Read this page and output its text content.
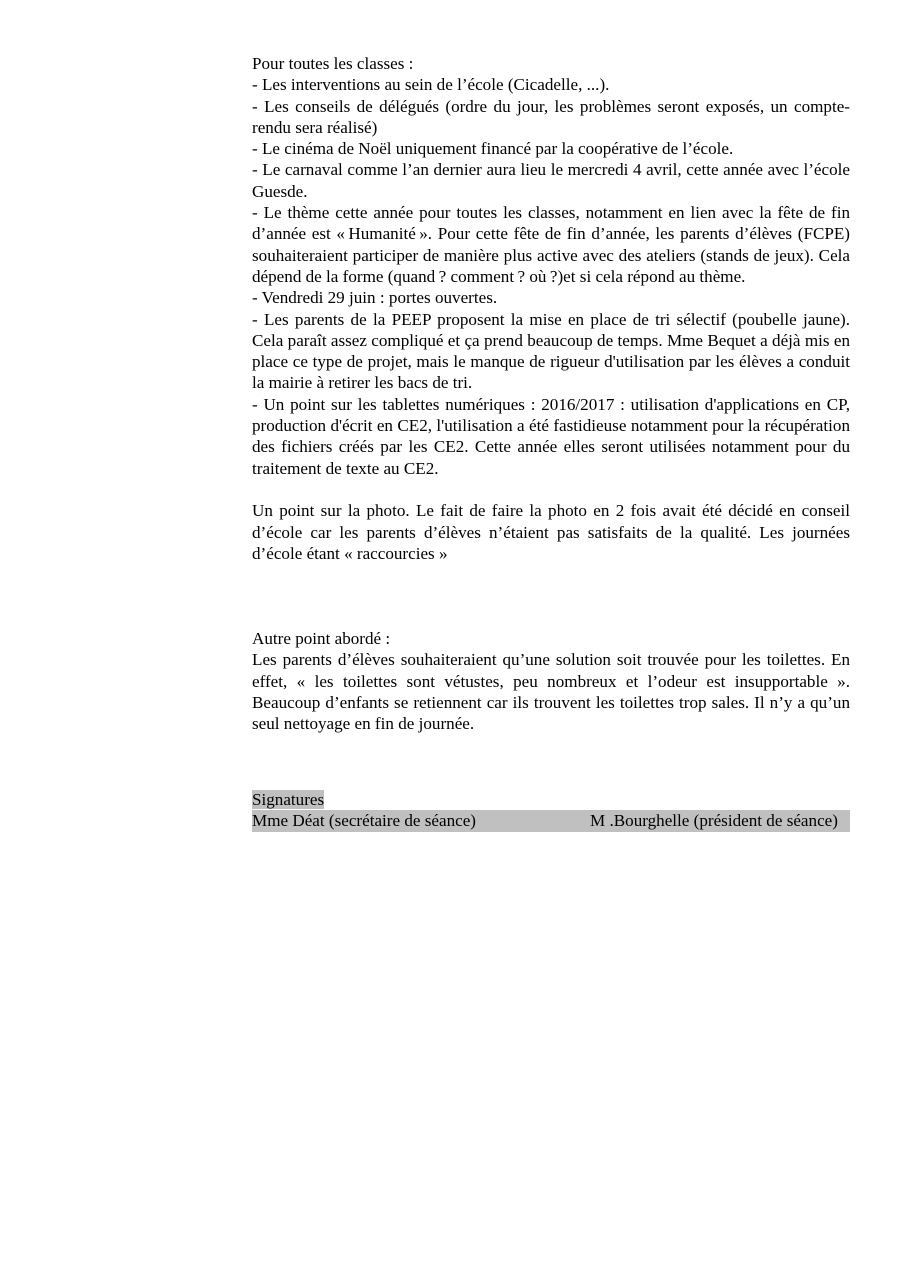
Pour toutes les classes :

- Les interventions au sein de l’école (Cicadelle, ...).

- Les conseils de délégués (ordre du jour, les problèmes seront exposés, un compte-rendu sera réalisé)

- Le cinéma de Noël uniquement financé par la coopérative de l’école.

- Le carnaval comme l’an dernier aura lieu le mercredi 4 avril, cette année avec l’école Guesde.

- Le thème cette année pour toutes les classes, notamment en lien avec la fête de fin d’année est « Humanité ». Pour cette fête de fin d’année, les parents d’élèves (FCPE) souhaiteraient participer de manière plus active avec des ateliers (stands de jeux). Cela dépend de la forme (quand ? comment ? où ?)et si cela répond au thème.

- Vendredi 29 juin : portes ouvertes.

- Les parents de la PEEP proposent la mise en place de tri sélectif (poubelle jaune). Cela paraît assez compliqué et ça prend beaucoup de temps. Mme Bequet a déjà mis en place ce type de projet, mais le manque de rigueur d'utilisation par les élèves a conduit la mairie à retirer les bacs de tri.

- Un point sur les tablettes numériques : 2016/2017 : utilisation d'applications en CP, production d'écrit en CE2, l'utilisation a été fastidieuse notamment pour la récupération des fichiers créés par les CE2. Cette année elles seront utilisées notamment pour du traitement de texte au CE2.

Un point sur la photo. Le fait de faire la photo en 2 fois avait été décidé en conseil d’école car les parents d’élèves n’étaient pas satisfaits de la qualité. Les journées d’école étant « raccourcies »

Autre point abordé :

Les parents d’élèves souhaiteraient qu’une solution soit trouvée pour les toilettes. En effet, « les toilettes sont vétustes, peu nombreux et l’odeur est insupportable ». Beaucoup d’enfants se retiennent car ils trouvent les toilettes trop sales. Il n’y a qu’un seul nettoyage en fin de journée.

Signatures
Mme Déat (secrétaire de séance)	M .Bourghelle (président de séance)
